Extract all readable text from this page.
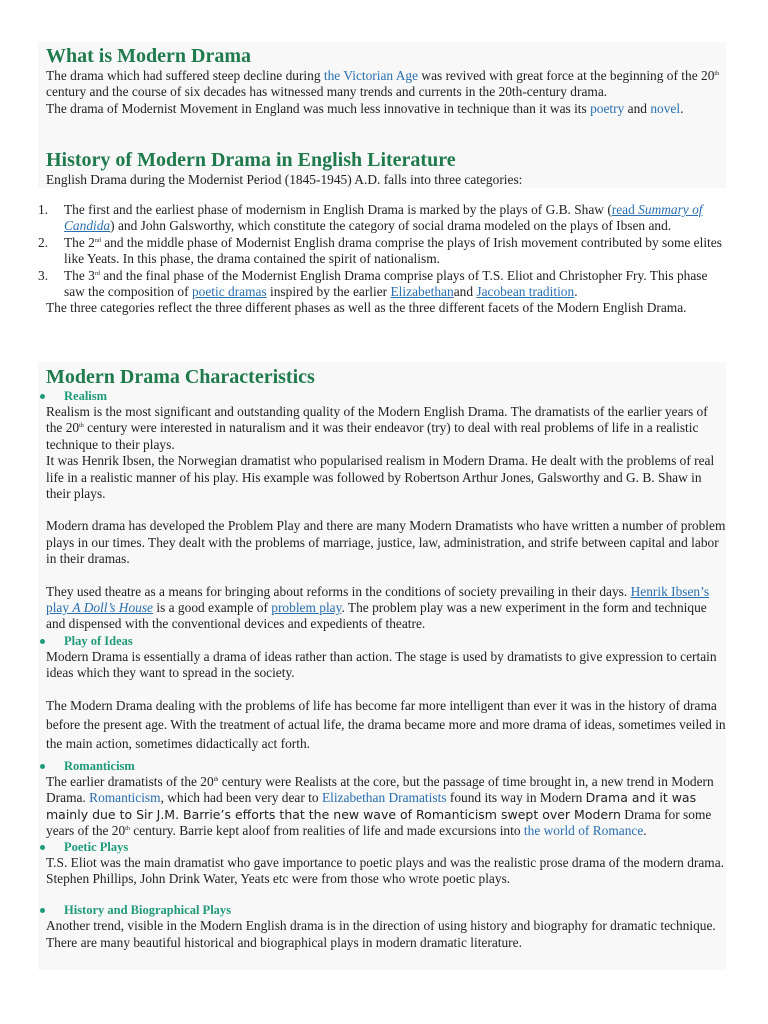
What is Modern Drama
The drama which had suffered steep decline during the Victorian Age was revived with great force at the beginning of the 20th century and the course of six decades has witnessed many trends and currents in the 20th-century drama.
The drama of Modernist Movement in England was much less innovative in technique than it was its poetry and novel.
History of Modern Drama in English Literature
English Drama during the Modernist Period (1845-1945) A.D. falls into three categories:
1. The first and the earliest phase of modernism in English Drama is marked by the plays of G.B. Shaw (read Summary of Candida) and John Galsworthy, which constitute the category of social drama modeled on the plays of Ibsen and.
2. The 2nd and the middle phase of Modernist English drama comprise the plays of Irish movement contributed by some elites like Yeats. In this phase, the drama contained the spirit of nationalism.
3. The 3rd and the final phase of the Modernist English Drama comprise plays of T.S. Eliot and Christopher Fry. This phase saw the composition of poetic dramas inspired by the earlier Elizabethanand Jacobean tradition.
The three categories reflect the three different phases as well as the three different facets of the Modern English Drama.
Modern Drama Characteristics
Realism
Realism is the most significant and outstanding quality of the Modern English Drama. The dramatists of the earlier years of the 20th century were interested in naturalism and it was their endeavor (try) to deal with real problems of life in a realistic technique to their plays.
It was Henrik Ibsen, the Norwegian dramatist who popularised realism in Modern Drama. He dealt with the problems of real life in a realistic manner of his play. His example was followed by Robertson Arthur Jones, Galsworthy and G. B. Shaw in their plays.
Modern drama has developed the Problem Play and there are many Modern Dramatists who have written a number of problem plays in our times. They dealt with the problems of marriage, justice, law, administration, and strife between capital and labor in their dramas.
They used theatre as a means for bringing about reforms in the conditions of society prevailing in their days. Henrik Ibsen’s play A Doll’s House is a good example of problem play. The problem play was a new experiment in the form and technique and dispensed with the conventional devices and expedients of theatre.
Play of Ideas
Modern Drama is essentially a drama of ideas rather than action. The stage is used by dramatists to give expression to certain ideas which they want to spread in the society.
The Modern Drama dealing with the problems of life has become far more intelligent than ever it was in the history of drama before the present age. With the treatment of actual life, the drama became more and more drama of ideas, sometimes veiled in the main action, sometimes didactically act forth.
Romanticism
The earlier dramatists of the 20th century were Realists at the core, but the passage of time brought in, a new trend in Modern Drama. Romanticism, which had been very dear to Elizabethan Dramatists found its way in Modern Drama and it was mainly due to Sir J.M. Barrie’s efforts that the new wave of Romanticism swept over Modern Drama for some years of the 20th century. Barrie kept aloof from realities of life and made excursions into the world of Romance.
Poetic Plays
T.S. Eliot was the main dramatist who gave importance to poetic plays and was the realistic prose drama of the modern drama. Stephen Phillips, John Drink Water, Yeats etc were from those who wrote poetic plays.
History and Biographical Plays
Another trend, visible in the Modern English drama is in the direction of using history and biography for dramatic technique. There are many beautiful historical and biographical plays in modern dramatic literature.
